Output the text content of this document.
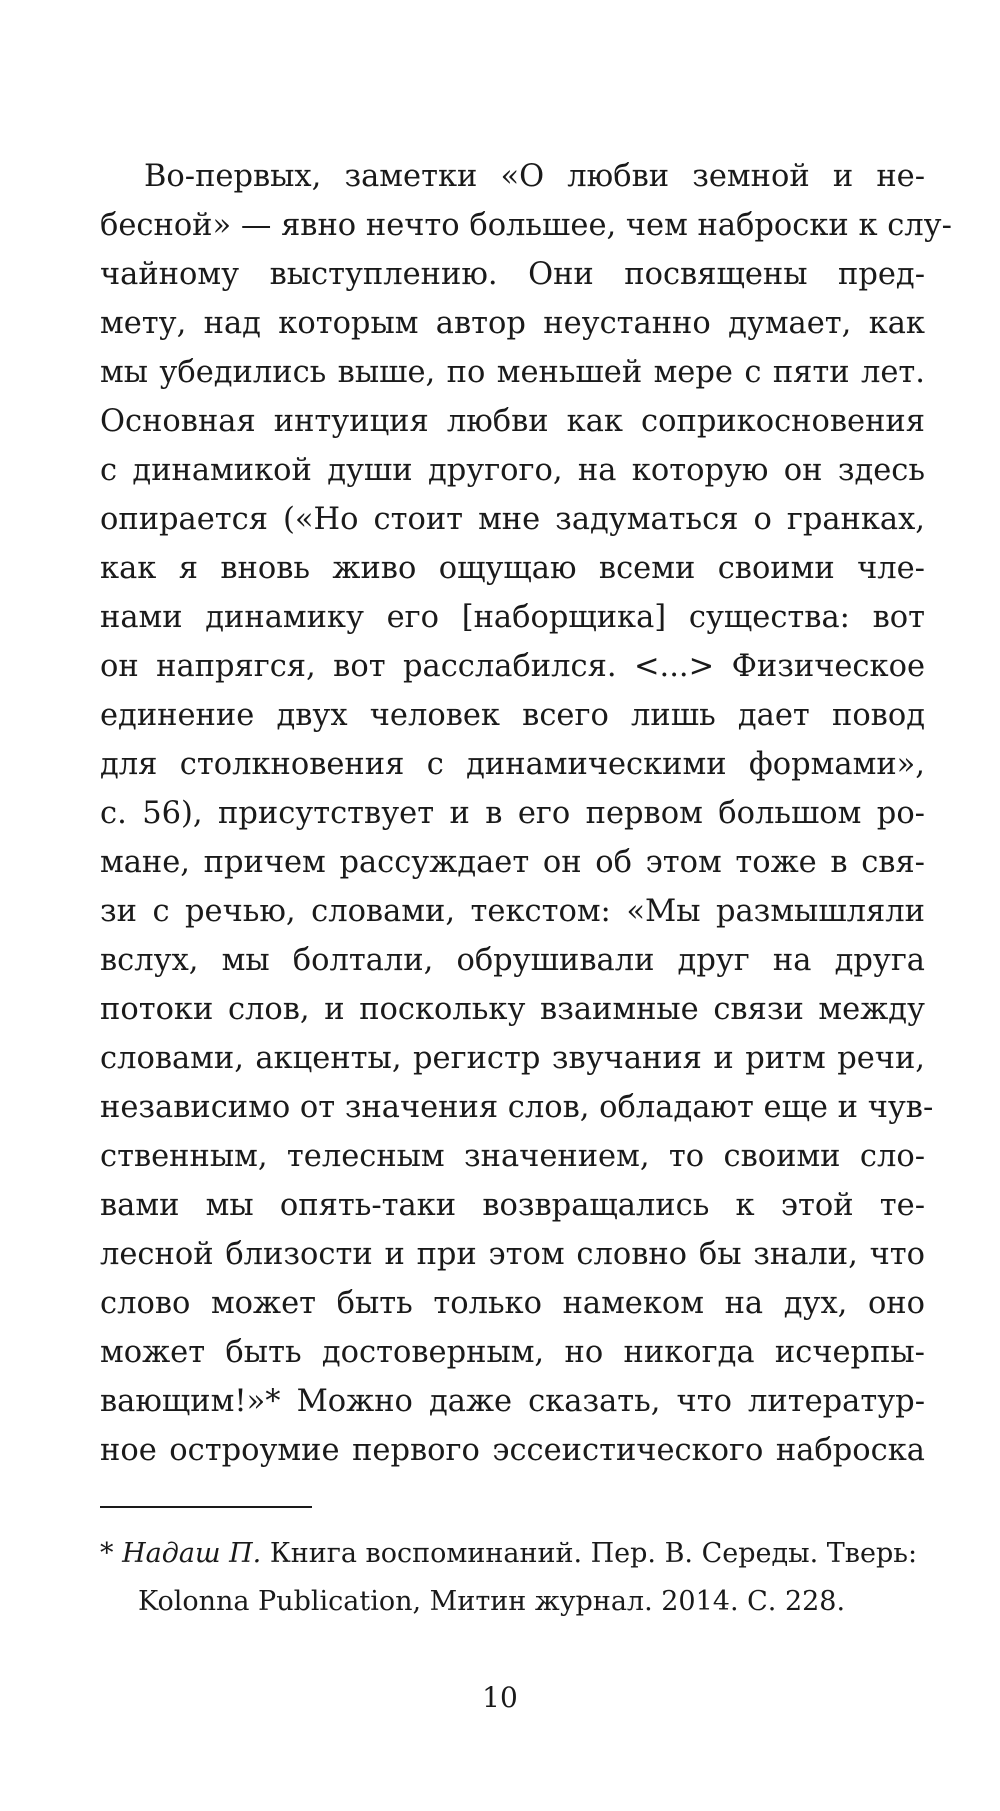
Во-первых, заметки «О любви земной и не-
бесной» — явно нечто большее, чем наброски к слу-
чайному выступлению. Они посвящены пред-
мету, над которым автор неустанно думает, как
мы убедились выше, по меньшей мере с пяти лет.
Основная интуиция любви как соприкосновения
с динамикой души другого, на которую он здесь
опирается («Но стоит мне задуматься о гранках,
как я вновь живо ощущаю всеми своими чле-
нами динамику его [наборщика] существа: вот
он напрягся, вот расслабился. <...> Физическое
единение двух человек всего лишь дает повод
для столкновения с динамическими формами»,
с. 56), присутствует и в его первом большом ро-
мане, причем рассуждает он об этом тоже в свя-
зи с речью, словами, текстом: «Мы размышляли
вслух, мы болтали, обрушивали друг на друга
потоки слов, и поскольку взаимные связи между
словами, акценты, регистр звучания и ритм речи,
независимо от значения слов, обладают еще и чув-
ственным, телесным значением, то своими сло-
вами мы опять-таки возвращались к этой те-
лесной близости и при этом словно бы знали, что
слово может быть только намеком на дух, оно
может быть достоверным, но никогда исчерпы-
вающим!»* Можно даже сказать, что литератур-
ное остроумие первого эссеистического наброска
* Надаш П. Книга воспоминаний. Пер. В. Середы. Тверь:
Kolonna Publication, Митин журнал. 2014. С. 228.
10
